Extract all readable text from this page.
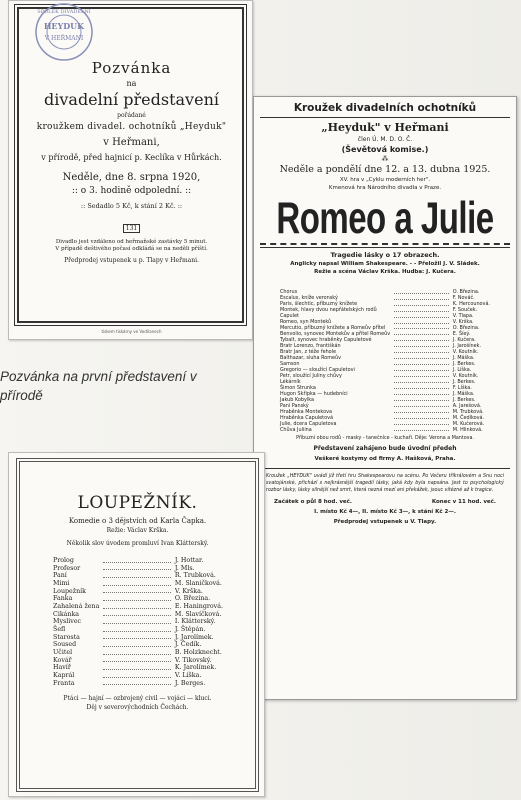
HEYDUK
V HEŘMANI
SPOLEK DIVADELNÍ
Pozvánka
na
divadelní představení
pořádané
kroužkem divadel. ochotníků „Heyduk"
v Heřmani,
v přírodě, před hajnicí p. Keclíka v Hůrkách.
Neděle, dne 8. srpna 1920,
:: o 3. hodině odpolední. ::
:: Sedadlo 5 Kč, k stání 2 Kč. ::
131
Divadlo jest vzdáleno od heřmaňské zastávky 5 minut.
V případě deštivého počasí odkládá se na neděli příští.
Předprodej vstupenek u p. Tlapy v Heřmani.
tiskem tiskárny ve Vodňanech
Pozvánka na první představení v přírodě
Kroužek divadelních ochotníků
„Heyduk" v Heřmani
člen Ú. M. D. O. Č.
(Ševětová komise.)
⁂
Neděle a pondělí dne 12. a 13. dubna 1925.
XV. hra v „Cyklu moderních her".
Kmenová hra Národního divadla v Praze.
Romeo a Julie
Tragedie lásky o 17 obrazech.
Anglicky napsal William Shakespeare. - - Přeložil J. V. Sládek.
Režie a scéna Václav Krška. Hudba: J. Kučera.
Chorus		O. Březina.
Escalus, kníže veronský		F. Nováč.
Paris, šlechtic, příbuzný knížete		K. Hercounová.
Montek, hlavy dvou nepřátelských rodů		F. Souček.
Capulet		V. Tlapa.
Romeo, syn Monteků		V. Krška.
Mercutio, příbuzný knížete a Romeův přítel		O. Březina.
Benvolio, synovec Montekův a přítel Romeův		E. Šíeý.
Tybalt, synovec hraběnky Capuletové		J. Kučera.
Bratr Lorenzo, františkán		J. Jarošínek.
Bratr Jan, z téže řehole		V. Koutník.
Balthazar, sluha Romeův		J. Máška.
Samson		J. Berkes.
Gregorio — sloužící Capuletovi		J. Líška.
Petr, sloužící Juliny chůvy		V. Koutník.
Lékárník		J. Berkes.
Šimon Strunka		F. Líška.
Hugon Skřipka — hudebníci		J. Máška.
Jakub Kobylka		J. Berkes.
Paní Panský		A. Jarešová.
Hraběnka Montekova		M. Trubková.
Hraběnka Capuletová		M. Čedíková.
Julie, dcera Capuletova		M. Kučerová.
Chůva Juliina		M. Hlinková.
Příbuzní obou rodů - masky - tanečníce - kuchaři. Děje: Verona a Mantova.
Představení zahájeno bude úvodní předeh
Veškeré kostymy od firmy A. Hašková, Praha.

Kroužek „HEYDUK" uvádí již třetí hru Shakespearovu na scénu. Po Večeru tříkrálovém a Snu noci svatojánské, přichází s nejkrásnější tragedií lásky, jaká kdy byla napsána. Jest to psychologický rozbor lásky, lásky silnější než smrt, která nezná mezí ani překážek, jsouc vítězné až k tragice.

Začátek o půl 8 hod. več.	Konec v 11 hod. več.
I. místo Kč 4—, II. místo Kč 3—, k stání Kč 2—.
Předprodej vstupenek u V. Tlapy.
LOUPEŽNÍK.
Komedie o 3 dějstvích od Karla Čapka.
Režie: Václav Krška.
Několik slov úvodem promluví Ivan Klátterský.
Prolog		J. Hottar.
Profesor		J. Mls.
Paní		R. Trubková.
Mimi		M. Slaničková.
Loupežník		V. Krška.
Fanka		O. Březina.
Zahalená žena		E. Haningrová.
Cikánka		M. Slavíčková.
Myslivec		I. Klátterský.
Šefl		J. Štěpán.
Starosta		J. Jarolímek.
Soused		J. Čedík.
Učitel		B. Holzknecht.
Kovář		V. Tikovský.
Havíř		K. Jarolímek.
Kaprál		V. Líška.
Franta		J. Berges.
Ptáci — hajní — ozbrojený civil — vojáci — kluci.
Děj v severovýchodních Čechách.
